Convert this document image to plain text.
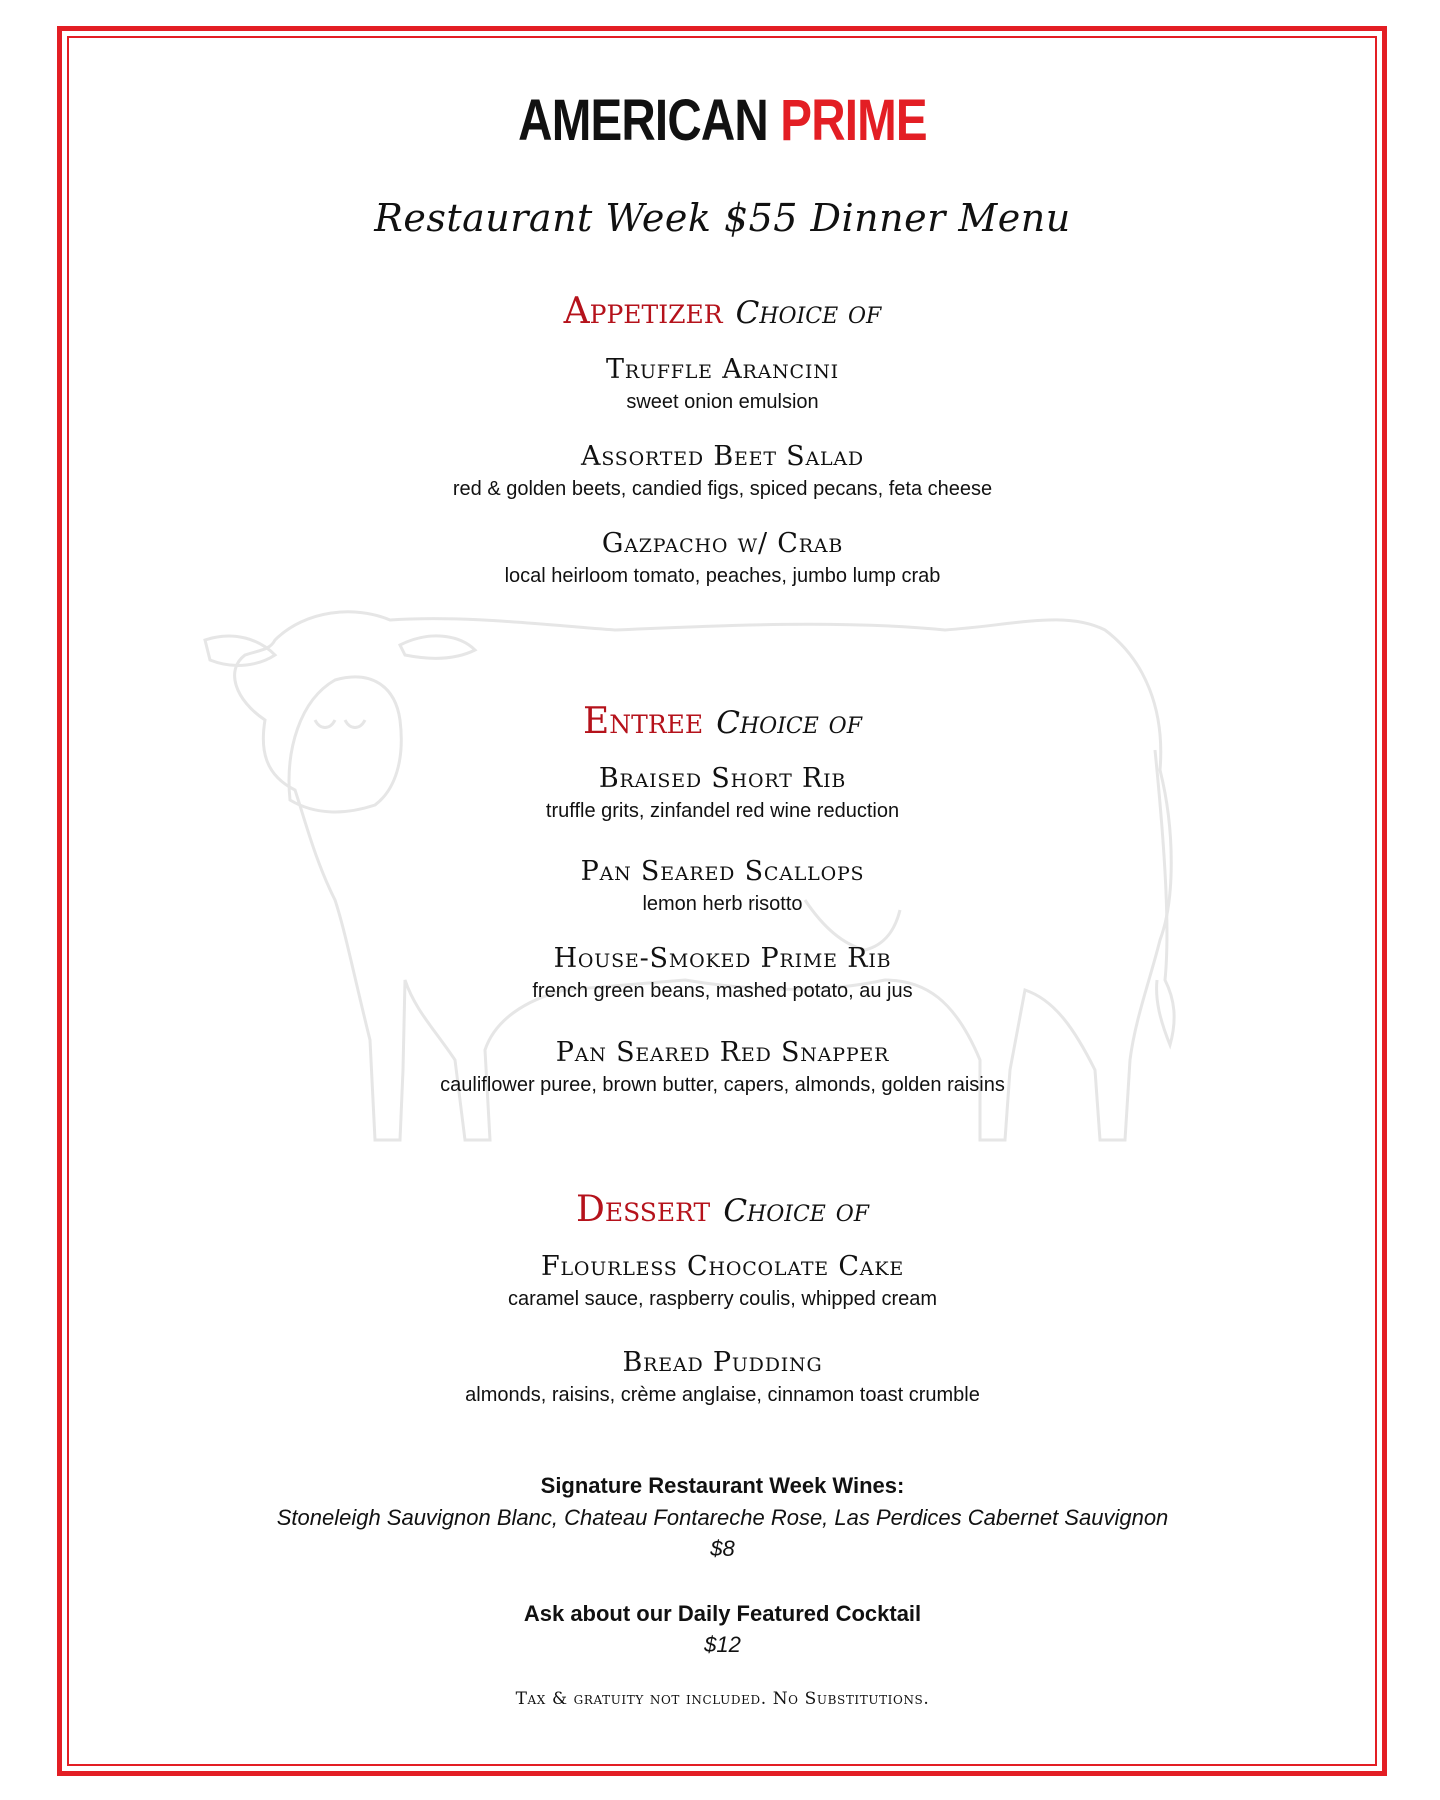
AMERICAN PRIME
Restaurant Week $55 Dinner Menu
Appetizer Choice of
Truffle Arancini
sweet onion emulsion
Assorted Beet Salad
red & golden beets, candied figs, spiced pecans, feta cheese
Gazpacho w/ Crab
local heirloom tomato, peaches, jumbo lump crab
Entree Choice of
Braised Short Rib
truffle grits, zinfandel red wine reduction
Pan Seared Scallops
lemon herb risotto
House-Smoked Prime Rib
french green beans, mashed potato, au jus
Pan Seared Red Snapper
cauliflower puree, brown butter, capers, almonds, golden raisins
Dessert Choice of
Flourless Chocolate Cake
caramel sauce, raspberry coulis, whipped cream
Bread Pudding
almonds, raisins, crème anglaise, cinnamon toast crumble
Signature Restaurant Week Wines:
Stoneleigh Sauvignon Blanc, Chateau Fontareche Rose, Las Perdices Cabernet Sauvignon
$8
Ask about our Daily Featured Cocktail
$12
Tax & gratuity not included. No Substitutions.
